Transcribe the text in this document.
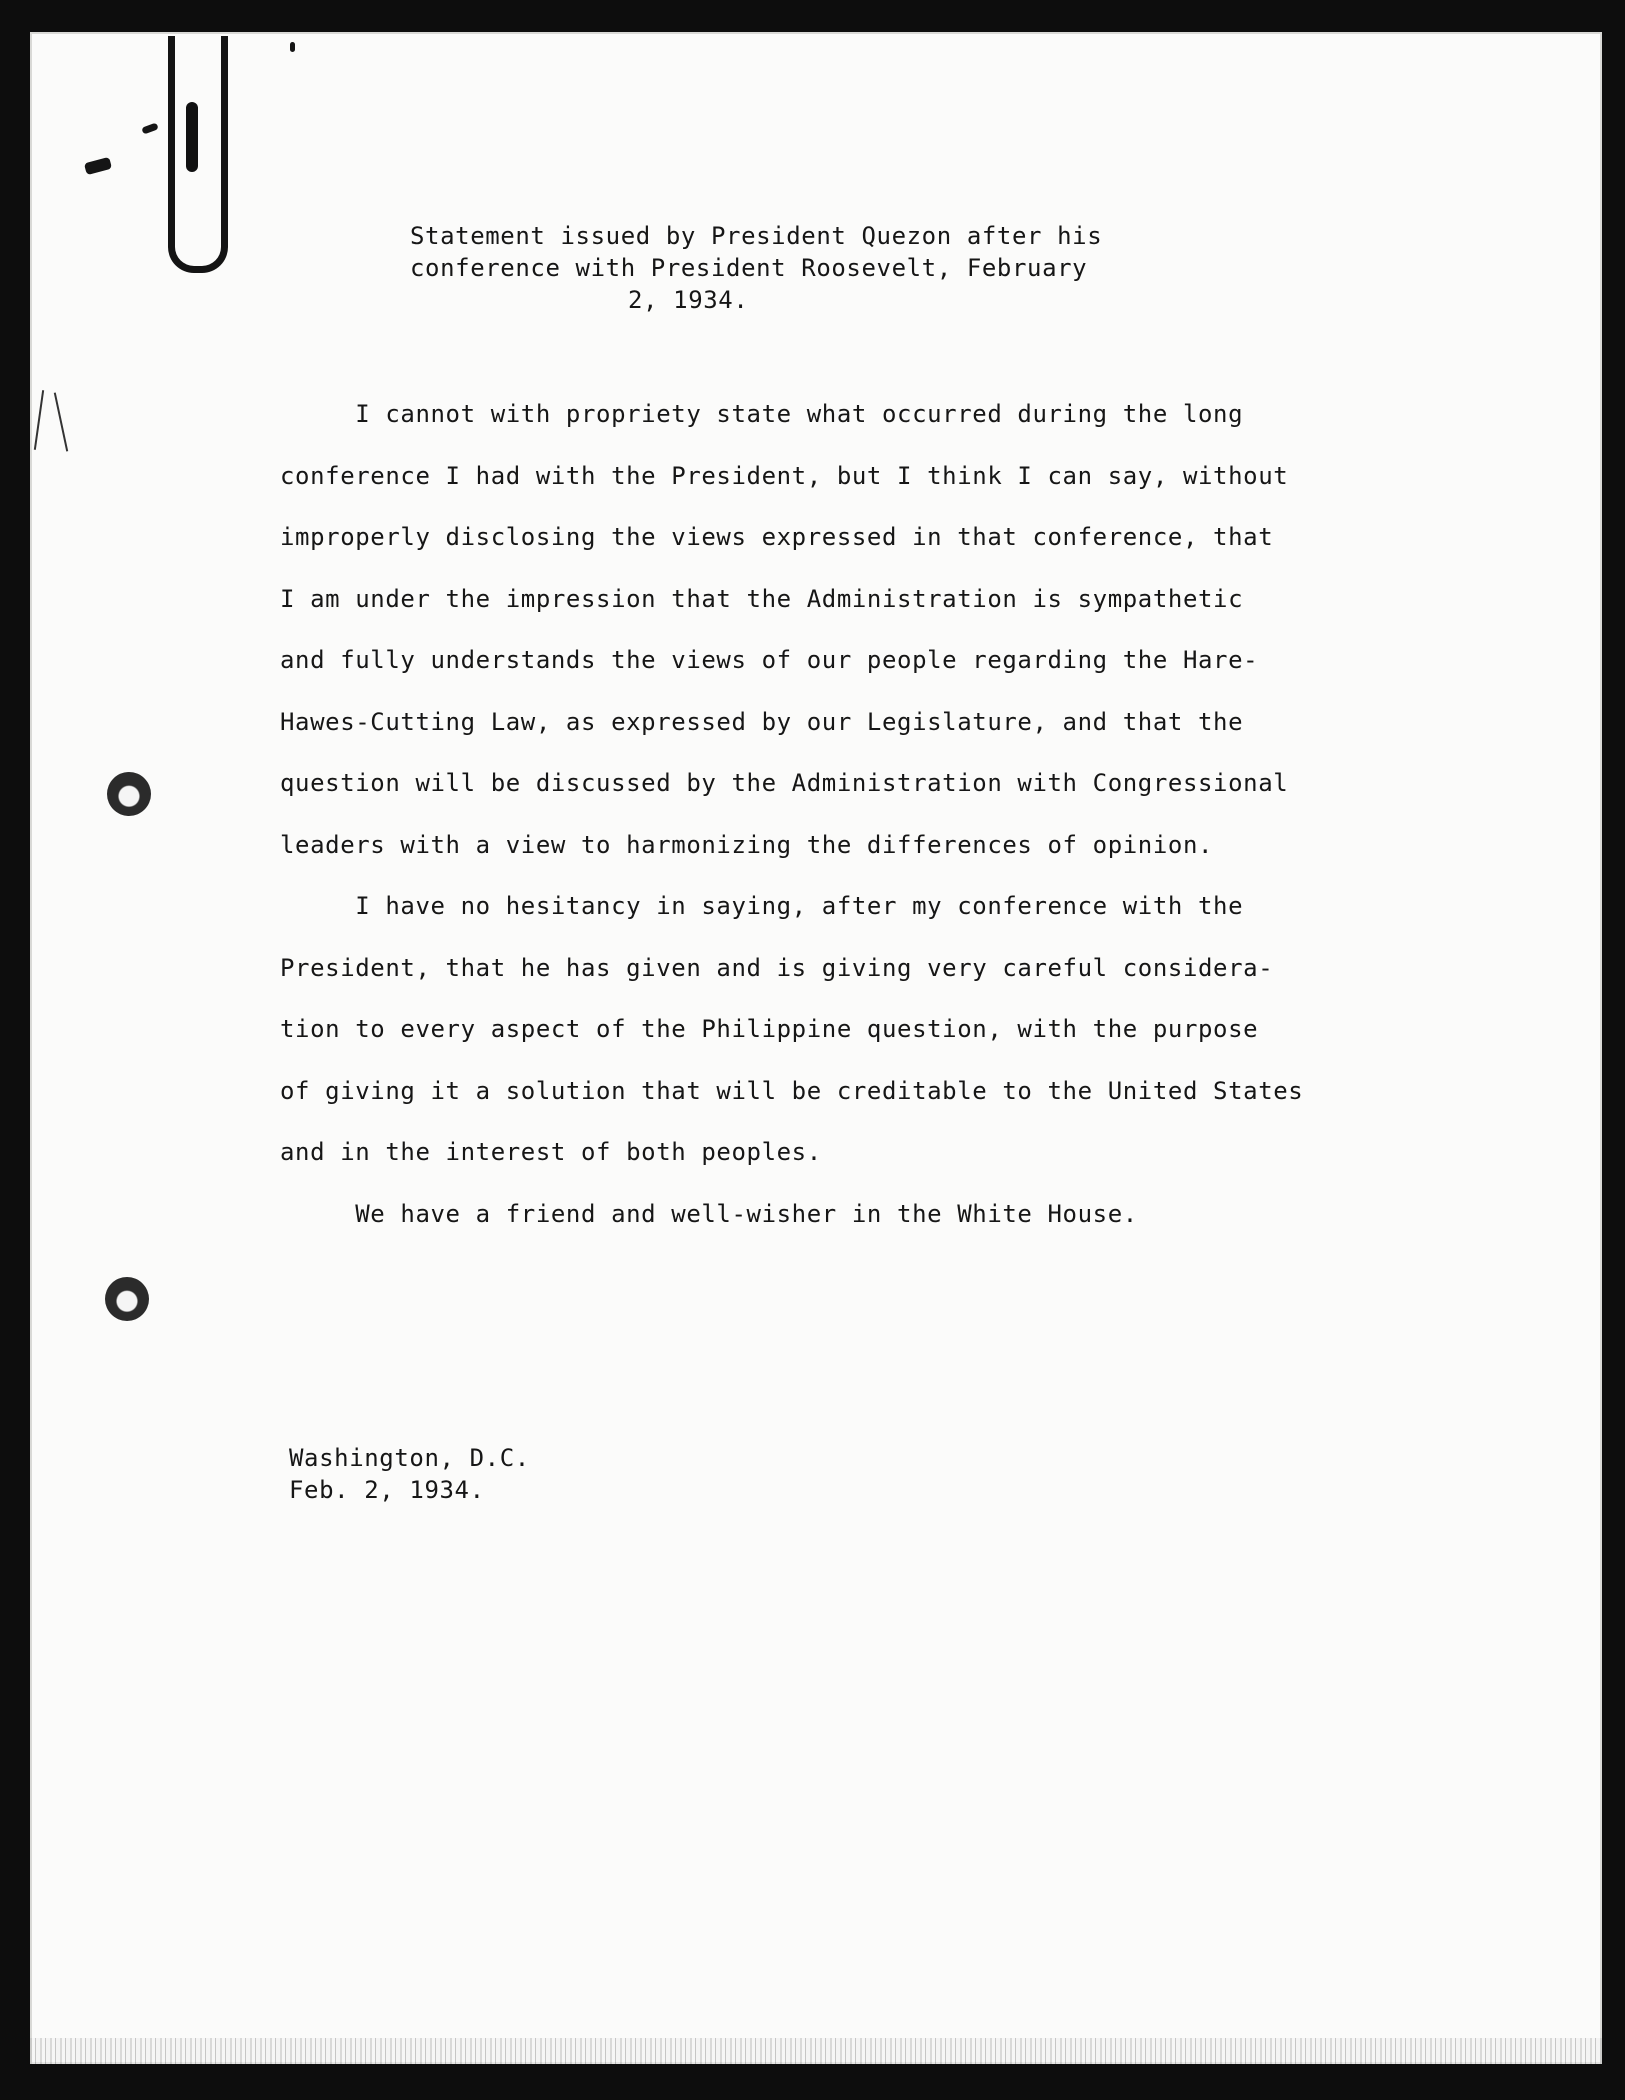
Statement issued by President Quezon after his
conference with President Roosevelt, February
2, 1934.
I cannot with propriety state what occurred during the long
conference I had with the President, but I think I can say, without
improperly disclosing the views expressed in that conference, that
I am under the impression that the Administration is sympathetic
and fully understands the views of our people regarding the Hare-
Hawes-Cutting Law, as expressed by our Legislature, and that the
question will be discussed by the Administration with Congressional
leaders with a view to harmonizing the differences of opinion.
I have no hesitancy in saying, after my conference with the
President, that he has given and is giving very careful considera-
tion to every aspect of the Philippine question, with the purpose
of giving it a solution that will be creditable to the United States
and in the interest of both peoples.
We have a friend and well-wisher in the White House.
Washington, D.C.
Feb. 2, 1934.
